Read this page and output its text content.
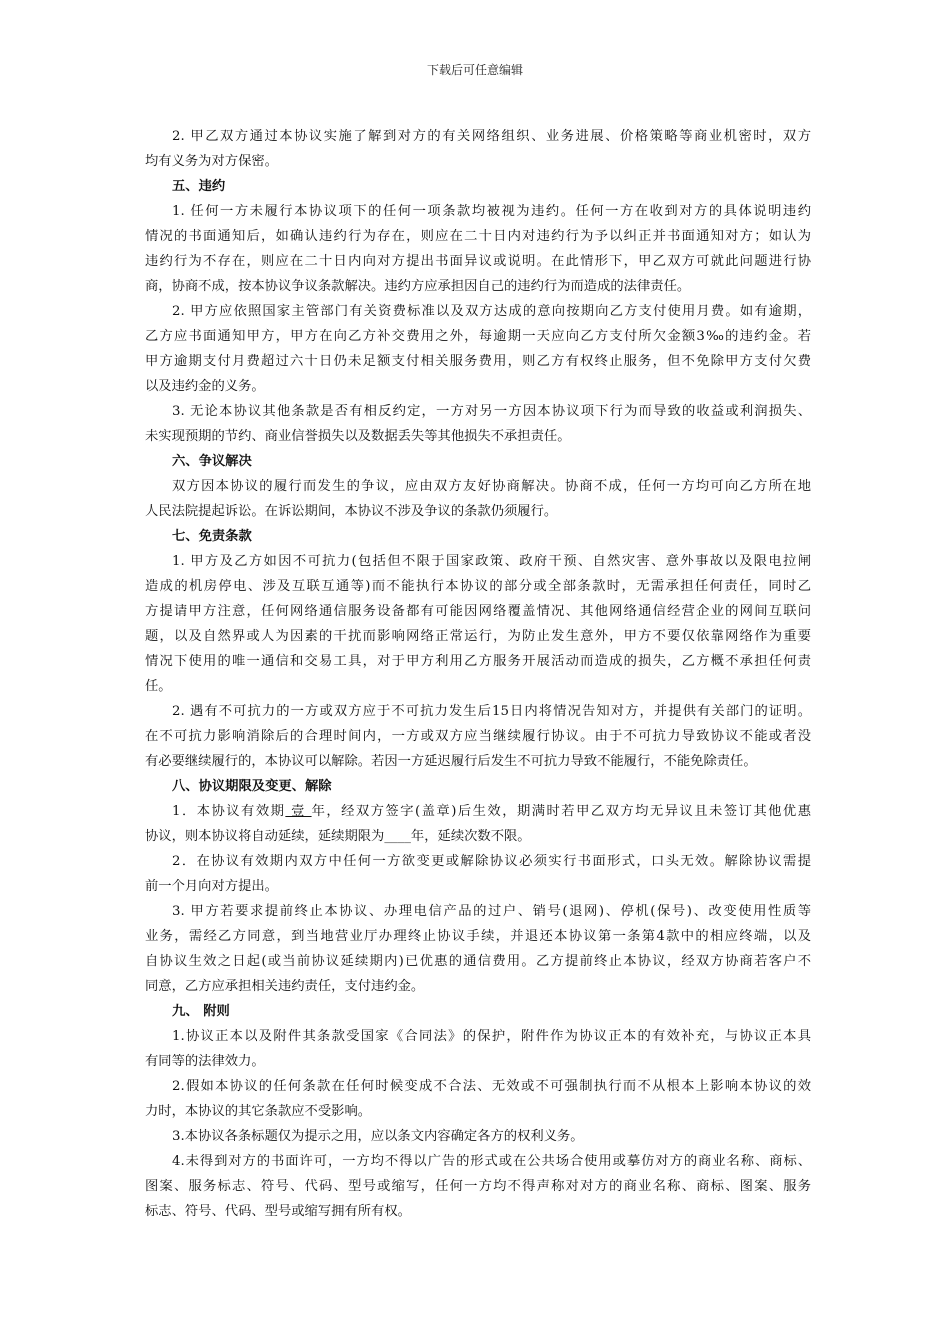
下载后可任意编辑
2. 甲乙双方通过本协议实施了解到对方的有关网络组织、业务进展、价格策略等商业机密时，双方
均有义务为对方保密。
五、违约
1. 任何一方未履行本协议项下的任何一项条款均被视为违约。任何一方在收到对方的具体说明违约
情况的书面通知后，如确认违约行为存在，则应在二十日内对违约行为予以纠正并书面通知对方；如认为
违约行为不存在，则应在二十日内向对方提出书面异议或说明。在此情形下，甲乙双方可就此问题进行协
商，协商不成，按本协议争议条款解决。违约方应承担因自己的违约行为而造成的法律责任。
2. 甲方应依照国家主管部门有关资费标准以及双方达成的意向按期向乙方支付使用月费。如有逾期，
乙方应书面通知甲方，甲方在向乙方补交费用之外，每逾期一天应向乙方支付所欠金额3‰的违约金。若
甲方逾期支付月费超过六十日仍未足额支付相关服务费用，则乙方有权终止服务，但不免除甲方支付欠费
以及违约金的义务。
3. 无论本协议其他条款是否有相反约定，一方对另一方因本协议项下行为而导致的收益或利润损失、
未实现预期的节约、商业信誉损失以及数据丢失等其他损失不承担责任。
六、争议解决
双方因本协议的履行而发生的争议，应由双方友好协商解决。协商不成，任何一方均可向乙方所在地
人民法院提起诉讼。在诉讼期间，本协议不涉及争议的条款仍须履行。
七、免责条款
1. 甲方及乙方如因不可抗力(包括但不限于国家政策、政府干预、自然灾害、意外事故以及限电拉闸
造成的机房停电、涉及互联互通等)而不能执行本协议的部分或全部条款时，无需承担任何责任，同时乙
方提请甲方注意，任何网络通信服务设备都有可能因网络覆盖情况、其他网络通信经营企业的网间互联问
题，以及自然界或人为因素的干扰而影响网络正常运行，为防止发生意外，甲方不要仅依靠网络作为重要
情况下使用的唯一通信和交易工具，对于甲方利用乙方服务开展活动而造成的损失，乙方概不承担任何责
任。
2. 遇有不可抗力的一方或双方应于不可抗力发生后15日内将情况告知对方，并提供有关部门的证明。
在不可抗力影响消除后的合理时间内，一方或双方应当继续履行协议。由于不可抗力导致协议不能或者没
有必要继续履行的，本协议可以解除。若因一方延迟履行后发生不可抗力导致不能履行，不能免除责任。
八、协议期限及变更、解除
1．本协议有效期 壹 年，经双方签字(盖章)后生效，期满时若甲乙双方均无异议且未签订其他优惠
协议，则本协议将自动延续，延续期限为____年，延续次数不限。
2．在协议有效期内双方中任何一方欲变更或解除协议必须实行书面形式，口头无效。解除协议需提
前一个月向对方提出。
3. 甲方若要求提前终止本协议、办理电信产品的过户、销号(退网)、停机(保号)、改变使用性质等
业务，需经乙方同意，到当地营业厅办理终止协议手续，并退还本协议第一条第4款中的相应终端，以及
自协议生效之日起(或当前协议延续期内)已优惠的通信费用。乙方提前终止本协议，经双方协商若客户不
同意，乙方应承担相关违约责任，支付违约金。
九、 附则
1.协议正本以及附件其条款受国家《合同法》的保护，附件作为协议正本的有效补充，与协议正本具
有同等的法律效力。
2.假如本协议的任何条款在任何时候变成不合法、无效或不可强制执行而不从根本上影响本协议的效
力时，本协议的其它条款应不受影响。
3.本协议各条标题仅为提示之用，应以条文内容确定各方的权利义务。
4.未得到对方的书面许可，一方均不得以广告的形式或在公共场合使用或摹仿对方的商业名称、商标、
图案、服务标志、符号、代码、型号或缩写，任何一方均不得声称对对方的商业名称、商标、图案、服务
标志、符号、代码、型号或缩写拥有所有权。
